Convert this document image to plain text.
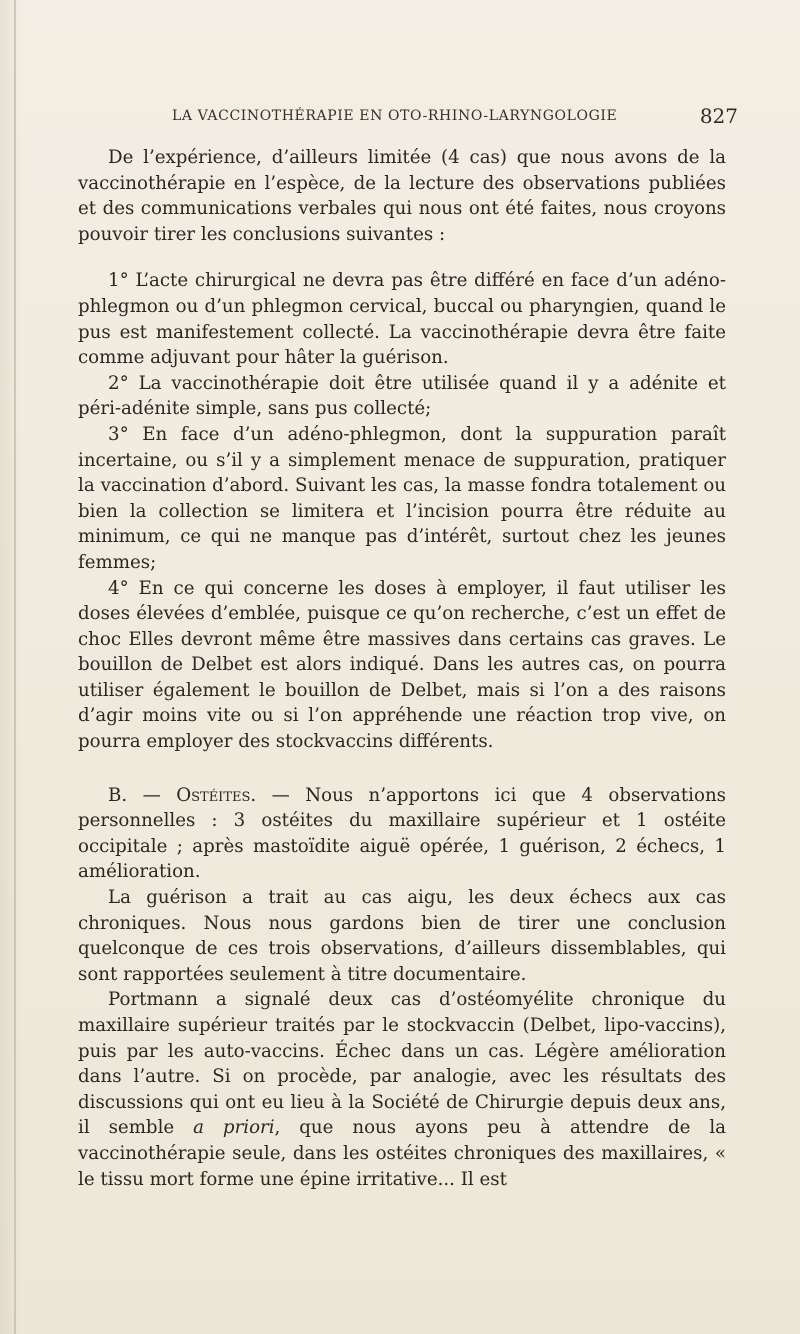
LA VACCINOTHÉRAPIE EN OTO-RHINO-LARYNGOLOGIE	827

De l’expérience, d’ailleurs limitée (4 cas) que nous avons de la vaccinothérapie en l’espèce, de la lecture des observations publiées et des communications verbales qui nous ont été faites, nous croyons pouvoir tirer les conclusions suivantes :

1° L’acte chirurgical ne devra pas être différé en face d’un adéno-phlegmon ou d’un phlegmon cervical, buccal ou pharyngien, quand le pus est manifestement collecté. La vaccinothérapie devra être faite comme adjuvant pour hâter la guérison.

2° La vaccinothérapie doit être utilisée quand il y a adénite et péri-adénite simple, sans pus collecté;

3° En face d’un adéno-phlegmon, dont la suppuration paraît incertaine, ou s’il y a simplement menace de suppuration, pratiquer la vaccination d’abord. Suivant les cas, la masse fondra totalement ou bien la collection se limitera et l’incision pourra être réduite au minimum, ce qui ne manque pas d’intérêt, surtout chez les jeunes femmes;

4° En ce qui concerne les doses à employer, il faut utiliser les doses élevées d’emblée, puisque ce qu’on recherche, c’est un effet de choc Elles devront même être massives dans certains cas graves. Le bouillon de Delbet est alors indiqué. Dans les autres cas, on pourra utiliser également le bouillon de Delbet, mais si l’on a des raisons d’agir moins vite ou si l’on appréhende une réaction trop vive, on pourra employer des stockvaccins différents.

B. — Ostéites. — Nous n’apportons ici que 4 observations personnelles : 3 ostéites du maxillaire supérieur et 1 ostéite occipitale ; après mastoïdite aiguë opérée, 1 guérison, 2 échecs, 1 amélioration.

La guérison a trait au cas aigu, les deux échecs aux cas chroniques. Nous nous gardons bien de tirer une conclusion quelconque de ces trois observations, d’ailleurs dissemblables, qui sont rapportées seulement à titre documentaire.

Portmann a signalé deux cas d’ostéomyélite chronique du maxillaire supérieur traités par le stockvaccin (Delbet, lipo-vaccins), puis par les auto-vaccins. Échec dans un cas. Légère amélioration dans l’autre. Si on procède, par analogie, avec les résultats des discussions qui ont eu lieu à la Société de Chirurgie depuis deux ans, il semble a priori, que nous ayons peu à attendre de la vaccinothérapie seule, dans les ostéites chroniques des maxillaires, « le tissu mort forme une épine irritative... Il est
